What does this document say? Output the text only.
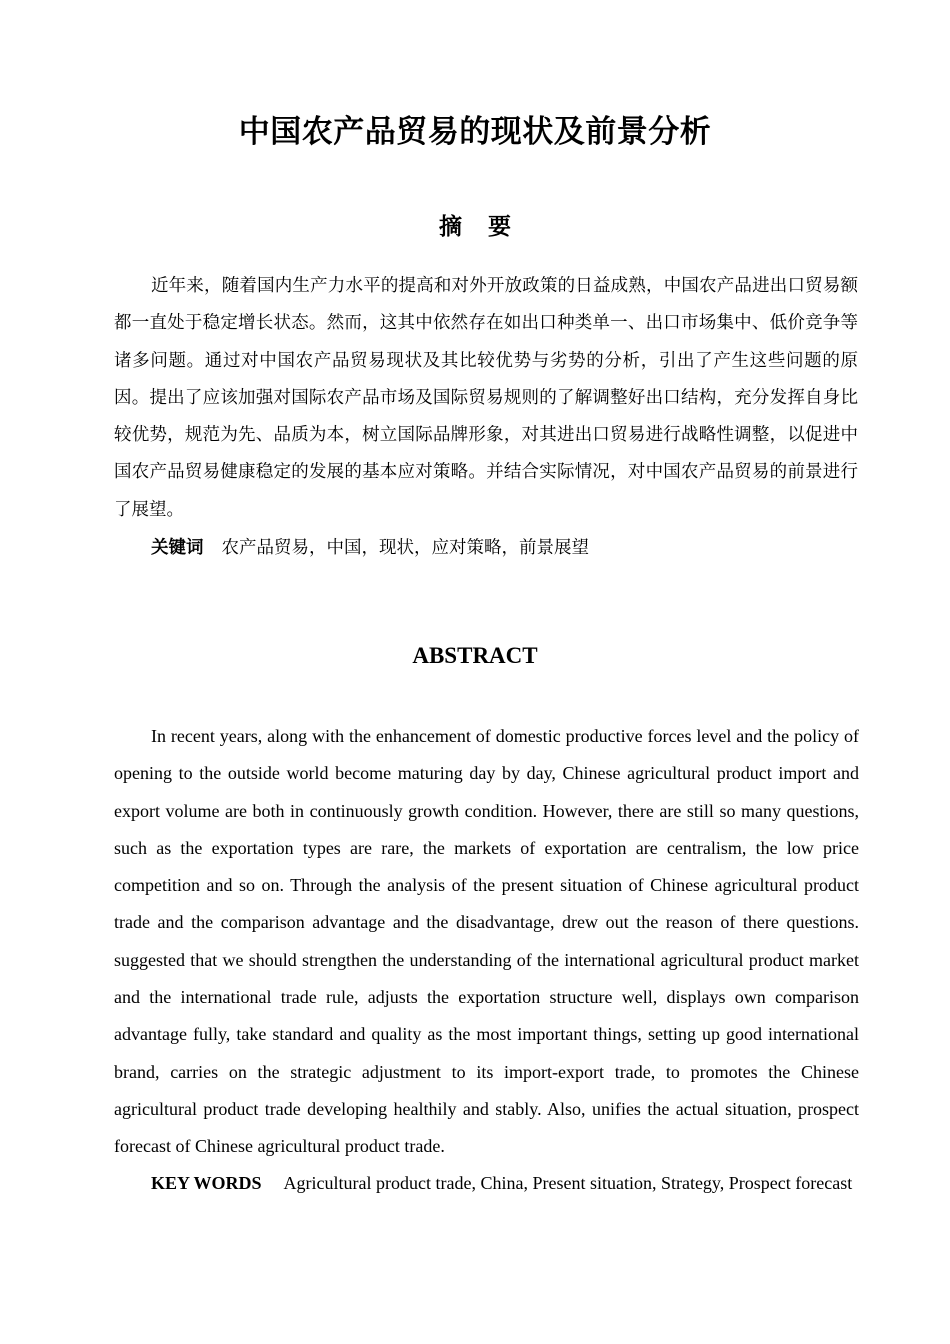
中国农产品贸易的现状及前景分析
摘 要

近年来，随着国内生产力水平的提高和对外开放政策的日益成熟，中国农产品进出口贸易额都一直处于稳定增长状态。然而，这其中依然存在如出口种类单一、出口市场集中、低价竞争等诸多问题。通过对中国农产品贸易现状及其比较优势与劣势的分析，引出了产生这些问题的原因。提出了应该加强对国际农产品市场及国际贸易规则的了解调整好出口结构，充分发挥自身比较优势，规范为先、品质为本，树立国际品牌形象，对其进出口贸易进行战略性调整，以促进中国农产品贸易健康稳定的发展的基本应对策略。并结合实际情况，对中国农产品贸易的前景进行了展望。

关键词 农产品贸易，中国，现状，应对策略，前景展望
ABSTRACT

In recent years, along with the enhancement of domestic productive forces level and the policy of opening to the outside world become maturing day by day, Chinese agricultural product import and export volume are both in continuously growth condition. However, there are still so many questions, such as the exportation types are rare, the markets of exportation are centralism, the low price competition and so on. Through the analysis of the present situation of Chinese agricultural product trade and the comparison advantage and the disadvantage, drew out the reason of there questions. suggested that we should strengthen the understanding of the international agricultural product market and the international trade rule, adjusts the exportation structure well, displays own comparison advantage fully, take standard and quality as the most important things, setting up good international brand, carries on the strategic adjustment to its import-export trade, to promotes the Chinese agricultural product trade developing healthily and stably. Also, unifies the actual situation, prospect forecast of Chinese agricultural product trade.

KEY WORDS Agricultural product trade, China, Present situation, Strategy, Prospect forecast
